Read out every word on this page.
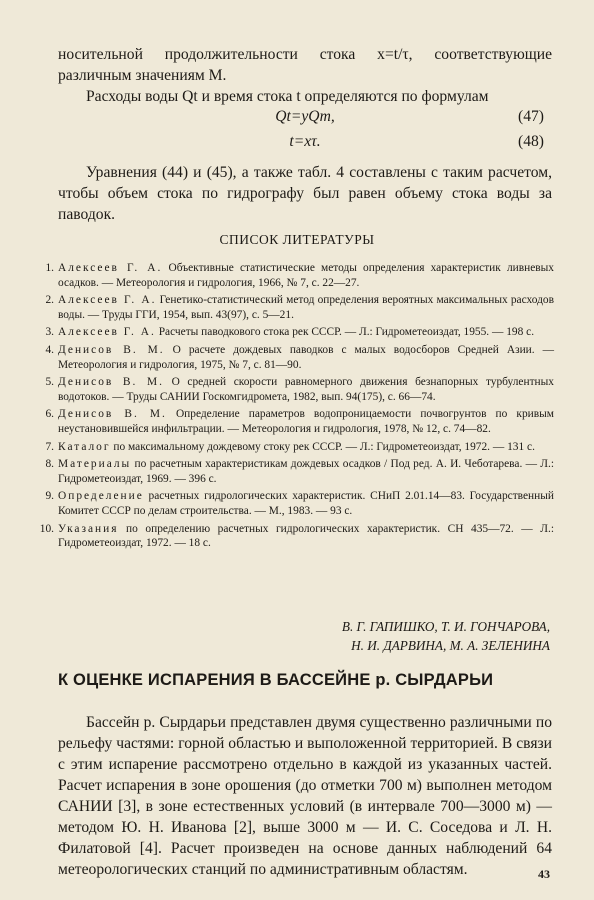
носительной продолжительности стока x=t/τ, соответствующие
различным значениям M.
Расходы воды Qt и время стока t определяются по формулам
Qt=yQm,	(47)
t=xτ.	(48)
Уравнения (44) и (45), а также табл. 4 составлены с таким расчетом, чтобы объем стока по гидрографу был равен объему стока воды за паводок.
СПИСОК ЛИТЕРАТУРЫ
1. Алексеев Г. А. Объективные статистические методы определения характеристик ливневых осадков. — Метеорология и гидрология, 1966, № 7, с. 22—27.
2. Алексеев Г. А. Генетико-статистический метод определения вероятных максимальных расходов воды. — Труды ГГИ, 1954, вып. 43(97), с. 5—21.
3. Алексеев Г. А. Расчеты паводкового стока рек СССР. — Л.: Гидрометеоиздат, 1955. — 198 с.
4. Денисов В. М. О расчете дождевых паводков с малых водосборов Средней Азии. — Метеорология и гидрология, 1975, № 7, с. 81—90.
5. Денисов В. М. О средней скорости равномерного движения безнапорных турбулентных водотоков. — Труды САНИИ Госкомгидромета, 1982, вып. 94(175), с. 66—74.
6. Денисов В. М. Определение параметров водопроницаемости почвогрунтов по кривым неустановившейся инфильтрации. — Метеорология и гидрология, 1978, № 12, с. 74—82.
7. Каталог по максимальному дождевому стоку рек СССР. — Л.: Гидрометеоиздат, 1972. — 131 с.
8. Материалы по расчетным характеристикам дождевых осадков / Под ред. А. И. Чеботарева. — Л.: Гидрометеоиздат, 1969. — 396 с.
9. Определение расчетных гидрологических характеристик. СНиП 2.01.14—83. Государственный Комитет СССР по делам строительства. — М., 1983. — 93 с.
10. Указания по определению расчетных гидрологических характеристик. СН 435—72. — Л.: Гидрометеоиздат, 1972. — 18 с.
В. Г. ГАПИШКО, Т. И. ГОНЧАРОВА,
Н. И. ДАРВИНА, М. А. ЗЕЛЕНИНА
К ОЦЕНКЕ ИСПАРЕНИЯ В БАССЕЙНЕ р. СЫРДАРЬИ
Бассейн р. Сырдарьи представлен двумя существенно различными по рельефу частями: горной областью и выположенной территорией. В связи с этим испарение рассмотрено отдельно в каждой из указанных частей. Расчет испарения в зоне орошения (до отметки 700 м) выполнен методом САНИИ [3], в зоне естественных условий (в интервале 700—3000 м) — методом Ю. Н. Иванова [2], выше 3000 м — И. С. Соседова и Л. Н. Филатовой [4]. Расчет произведен на основе данных наблюдений 64 метеорологических станций по административным областям.	43
